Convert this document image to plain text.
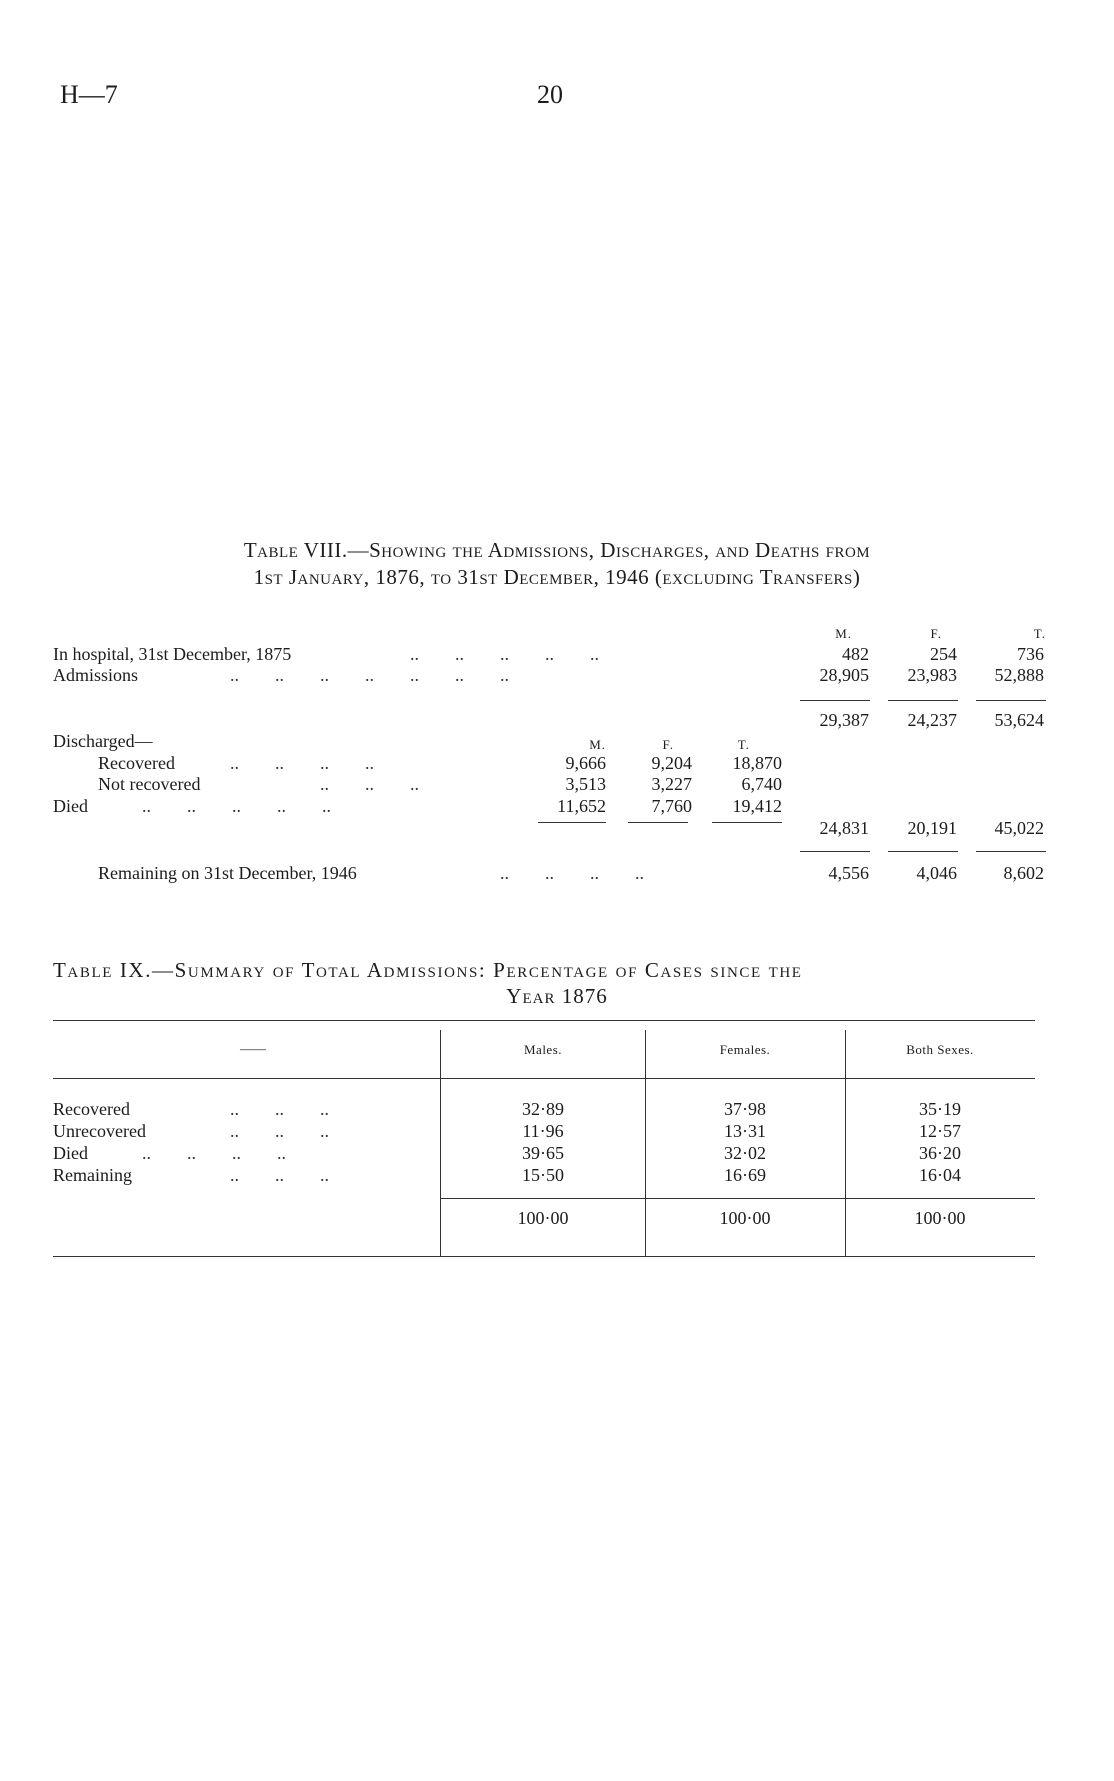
H—7	20
Table VIII.—Showing the Admissions, Discharges, and Deaths from
1st January, 1876, to 31st December, 1946 (excluding Transfers)
M.	F.	T.
In hospital, 31st December, 1875	..        ..        ..        ..        ..	482	254	736
Admissions	..        ..        ..        ..        ..        ..        ..	28,905 23,983 52,888
29,387 24,237 53,624
Discharged—	M.	F.	T.
Recovered	..        ..        ..        ..	9,666	9,204 18,870
Not recovered	..        ..        ..	3,513	3,227	6,740
Died	..        ..        ..        ..        ..	11,652	7,760 19,412
24,831 20,191 45,022
Remaining on 31st December, 1946	..        ..        ..        ..	4,556	4,046	8,602
Table IX.—Summary of Total Admissions: Percentage of Cases since the
Year 1876
——	Males.	Females.	Both Sexes.
Recovered	..        ..        ..	32·89	37·98	35·19
Unrecovered	..        ..        ..	11·96	13·31	12·57
Died	..        ..        ..        ..	39·65	32·02	36·20
Remaining	..        ..        ..	15·50	16·69	16·04
100·00	100·00	100·00
